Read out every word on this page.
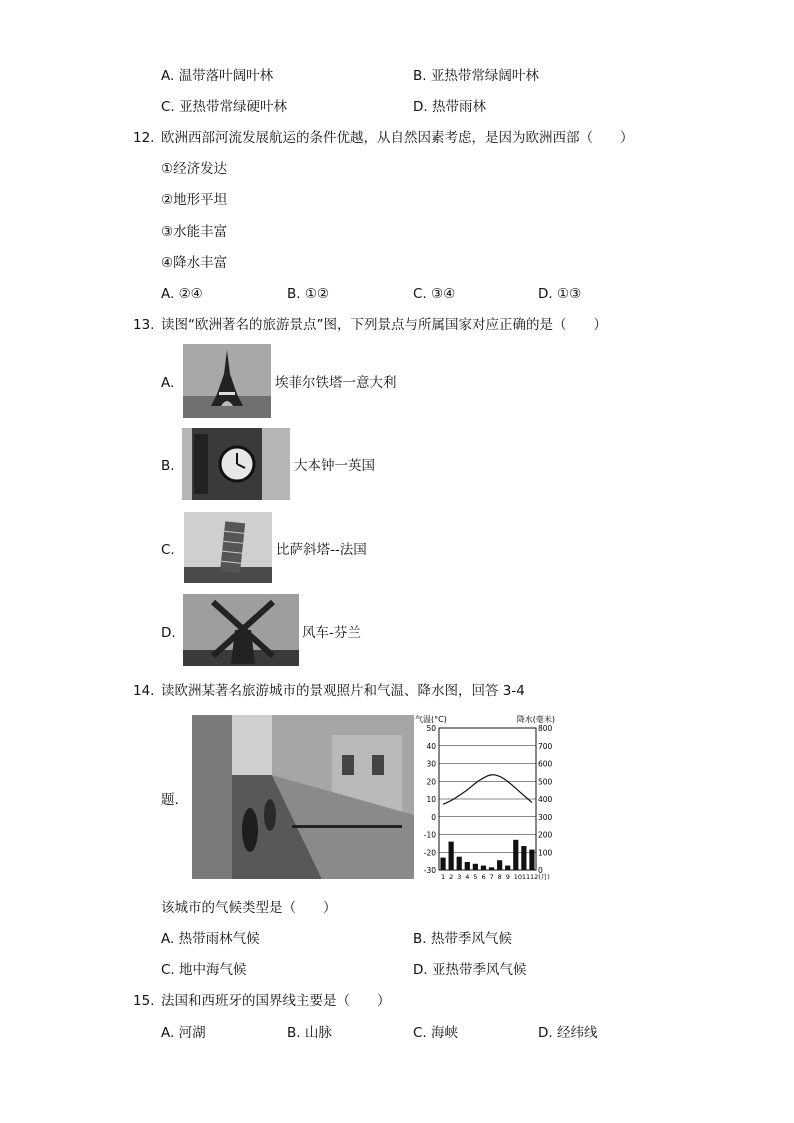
A. 温带落叶阔叶林	B. 亚热带常绿阔叶林
C. 亚热带常绿硬叶林	D. 热带雨林
12. 欧洲西部河流发展航运的条件优越，从自然因素考虑，是因为欧洲西部（　　）
①经济发达
②地形平坦
③水能丰富
④降水丰富
A. ②④	B. ①②	C. ③④	D. ①③
13. 读图“欧洲著名的旅游景点”图，下列景点与所属国家对应正确的是（　　）
A.	埃菲尔铁塔一意大利
B.	大本钟一英国
C.	比萨斜塔--法国
D.	风车-芬兰
14. 读欧洲某著名旅游城市的景观照片和气温、降水图，回答 3-4
题.
气温(°C)	降水(毫米)
50
40
30
20
10
0
-10
-20
-30
800
700
600
500
400
300
200
100
0
1 2 3 4 5 6 7 8 9 10 11 12(月)
该城市的气候类型是（　　）
A. 热带雨林气候	B. 热带季风气候
C. 地中海气候	D. 亚热带季风气候
15. 法国和西班牙的国界线主要是（　　）
A. 河湖	B. 山脉	C. 海峡	D. 经纬线
